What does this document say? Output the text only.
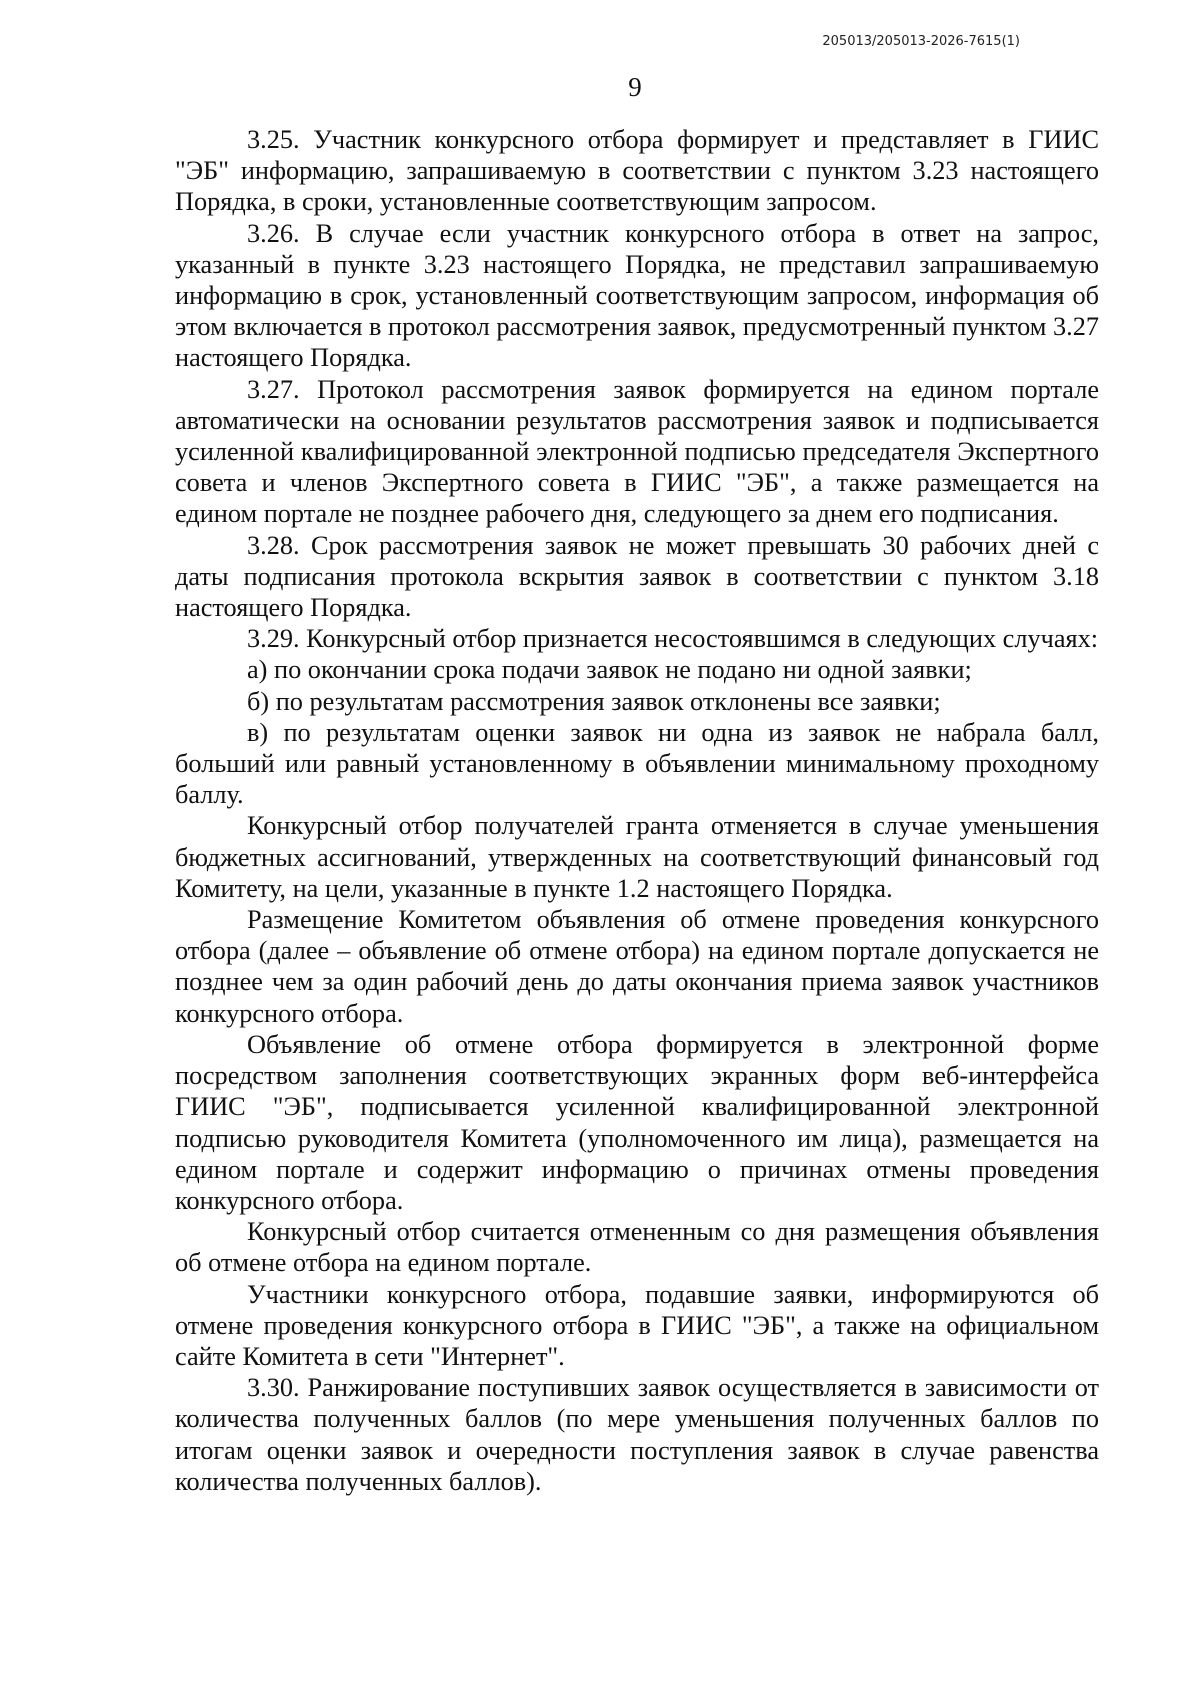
205013/205013-2026-7615(1)
9

3.25. Участник конкурсного отбора формирует и представляет в ГИИС "ЭБ" информацию, запрашиваемую в соответствии с пунктом 3.23 настоящего Порядка, в сроки, установленные соответствующим запросом.

3.26. В случае если участник конкурсного отбора в ответ на запрос, указанный в пункте 3.23 настоящего Порядка, не представил запрашиваемую информацию в срок, установленный соответствующим запросом, информация об этом включается в протокол рассмотрения заявок, предусмотренный пунктом 3.27 настоящего Порядка.

3.27. Протокол рассмотрения заявок формируется на едином портале автоматически на основании результатов рассмотрения заявок и подписывается усиленной квалифицированной электронной подписью председателя Экспертного совета и членов Экспертного совета в ГИИС "ЭБ", а также размещается на едином портале не позднее рабочего дня, следующего за днем его подписания.

3.28. Срок рассмотрения заявок не может превышать 30 рабочих дней с даты подписания протокола вскрытия заявок в соответствии с пунктом 3.18 настоящего Порядка.

3.29. Конкурсный отбор признается несостоявшимся в следующих случаях:

а) по окончании срока подачи заявок не подано ни одной заявки;

б) по результатам рассмотрения заявок отклонены все заявки;

в) по результатам оценки заявок ни одна из заявок не набрала балл, больший или равный установленному в объявлении минимальному проходному баллу.

Конкурсный отбор получателей гранта отменяется в случае уменьшения бюджетных ассигнований, утвержденных на соответствующий финансовый год Комитету, на цели, указанные в пункте 1.2 настоящего Порядка.

Размещение Комитетом объявления об отмене проведения конкурсного отбора (далее – объявление об отмене отбора) на едином портале допускается не позднее чем за один рабочий день до даты окончания приема заявок участников конкурсного отбора.

Объявление об отмене отбора формируется в электронной форме посредством заполнения соответствующих экранных форм веб-интерфейса ГИИС "ЭБ", подписывается усиленной квалифицированной электронной подписью руководителя Комитета (уполномоченного им лица), размещается на едином портале и содержит информацию о причинах отмены проведения конкурсного отбора.

Конкурсный отбор считается отмененным со дня размещения объявления об отмене отбора на едином портале.

Участники конкурсного отбора, подавшие заявки, информируются об отмене проведения конкурсного отбора в ГИИС "ЭБ", а также на официальном сайте Комитета в сети "Интернет".

3.30. Ранжирование поступивших заявок осуществляется в зависимости от количества полученных баллов (по мере уменьшения полученных баллов по итогам оценки заявок и очередности поступления заявок в случае равенства количества полученных баллов).
